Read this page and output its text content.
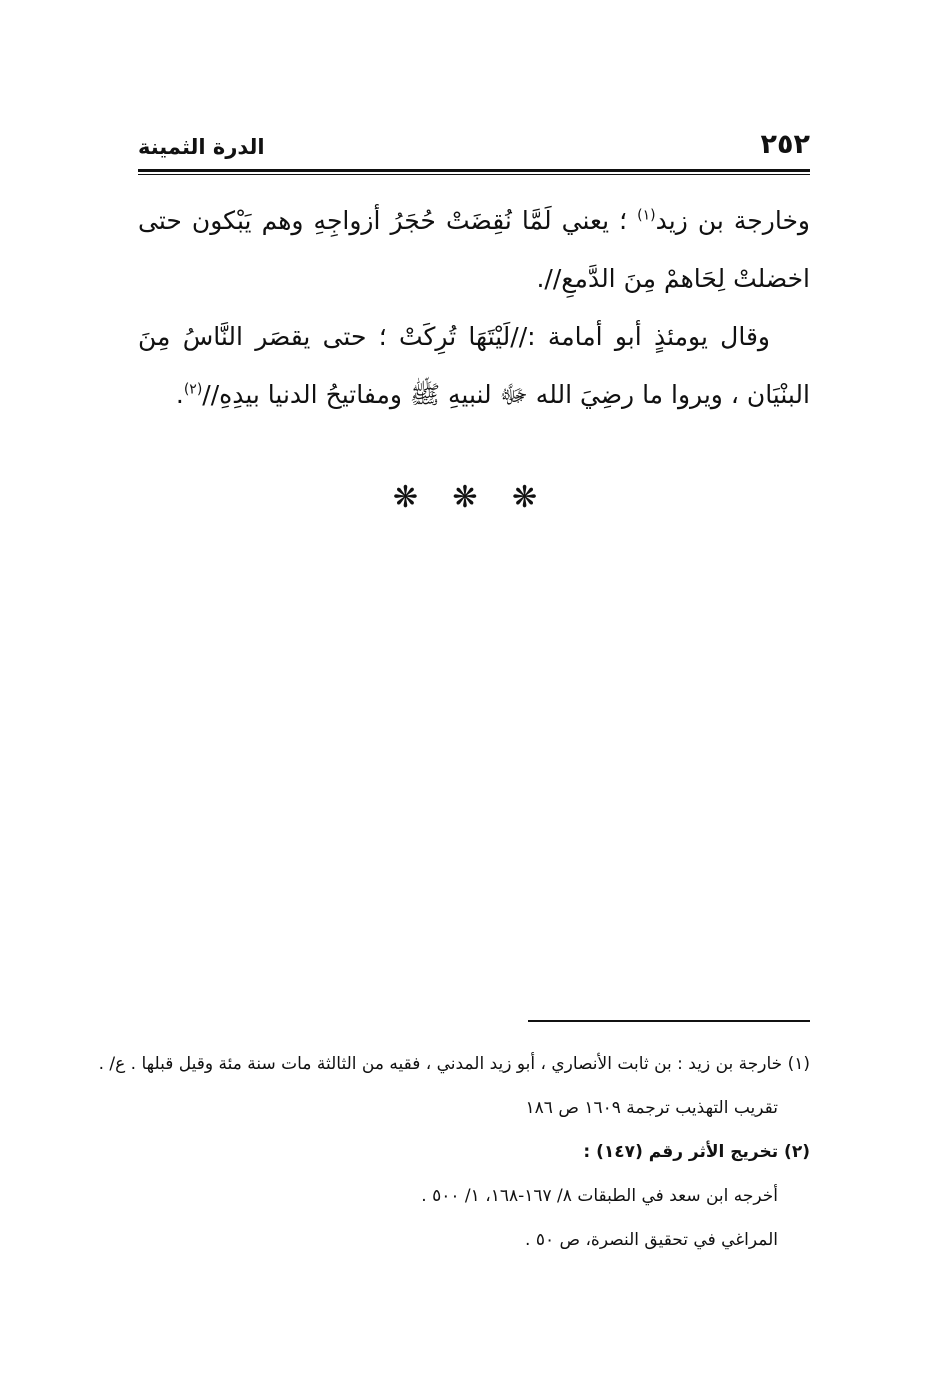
٢٥٢
الدرة الثمينة

وخارجة بن زيد$^{(١)}$ ؛ يعني لَمَّا نُقِضَتْ حُجَرُ أزواجِهِ وهم يَبْكون حتى اخضلتْ لِحَاهمْ مِنَ الدَّمعِ//.

وقال يومئذٍ أبو أمامة ://لَيْتَهَا تُرِكَتْ ؛ حتى يقصَر النَّاسُ مِنَ البنْيَان ، ويروا ما رضِيَ الله ﷻ لنبيهِ ﷺ ومفاتيحُ الدنيا بيدِهِ//$^{(٢)}$.

❋ ❋ ❋
(١) خارجة بن زيد : بن ثابت الأنصاري ، أبو زيد المدني ، فقيه من الثالثة مات سنة مئة وقيل قبلها . ع/ .
تقريب التهذيب ترجمة ١٦٠٩ ص ١٨٦
(٢) تخريج الأثر رقم (١٤٧) :
أخرجه ابن سعد في الطبقات ٨/ ١٦٧-١٦٨، ١/ ٥٠٠ .
المراغي في تحقيق النصرة، ص ٥٠ .
